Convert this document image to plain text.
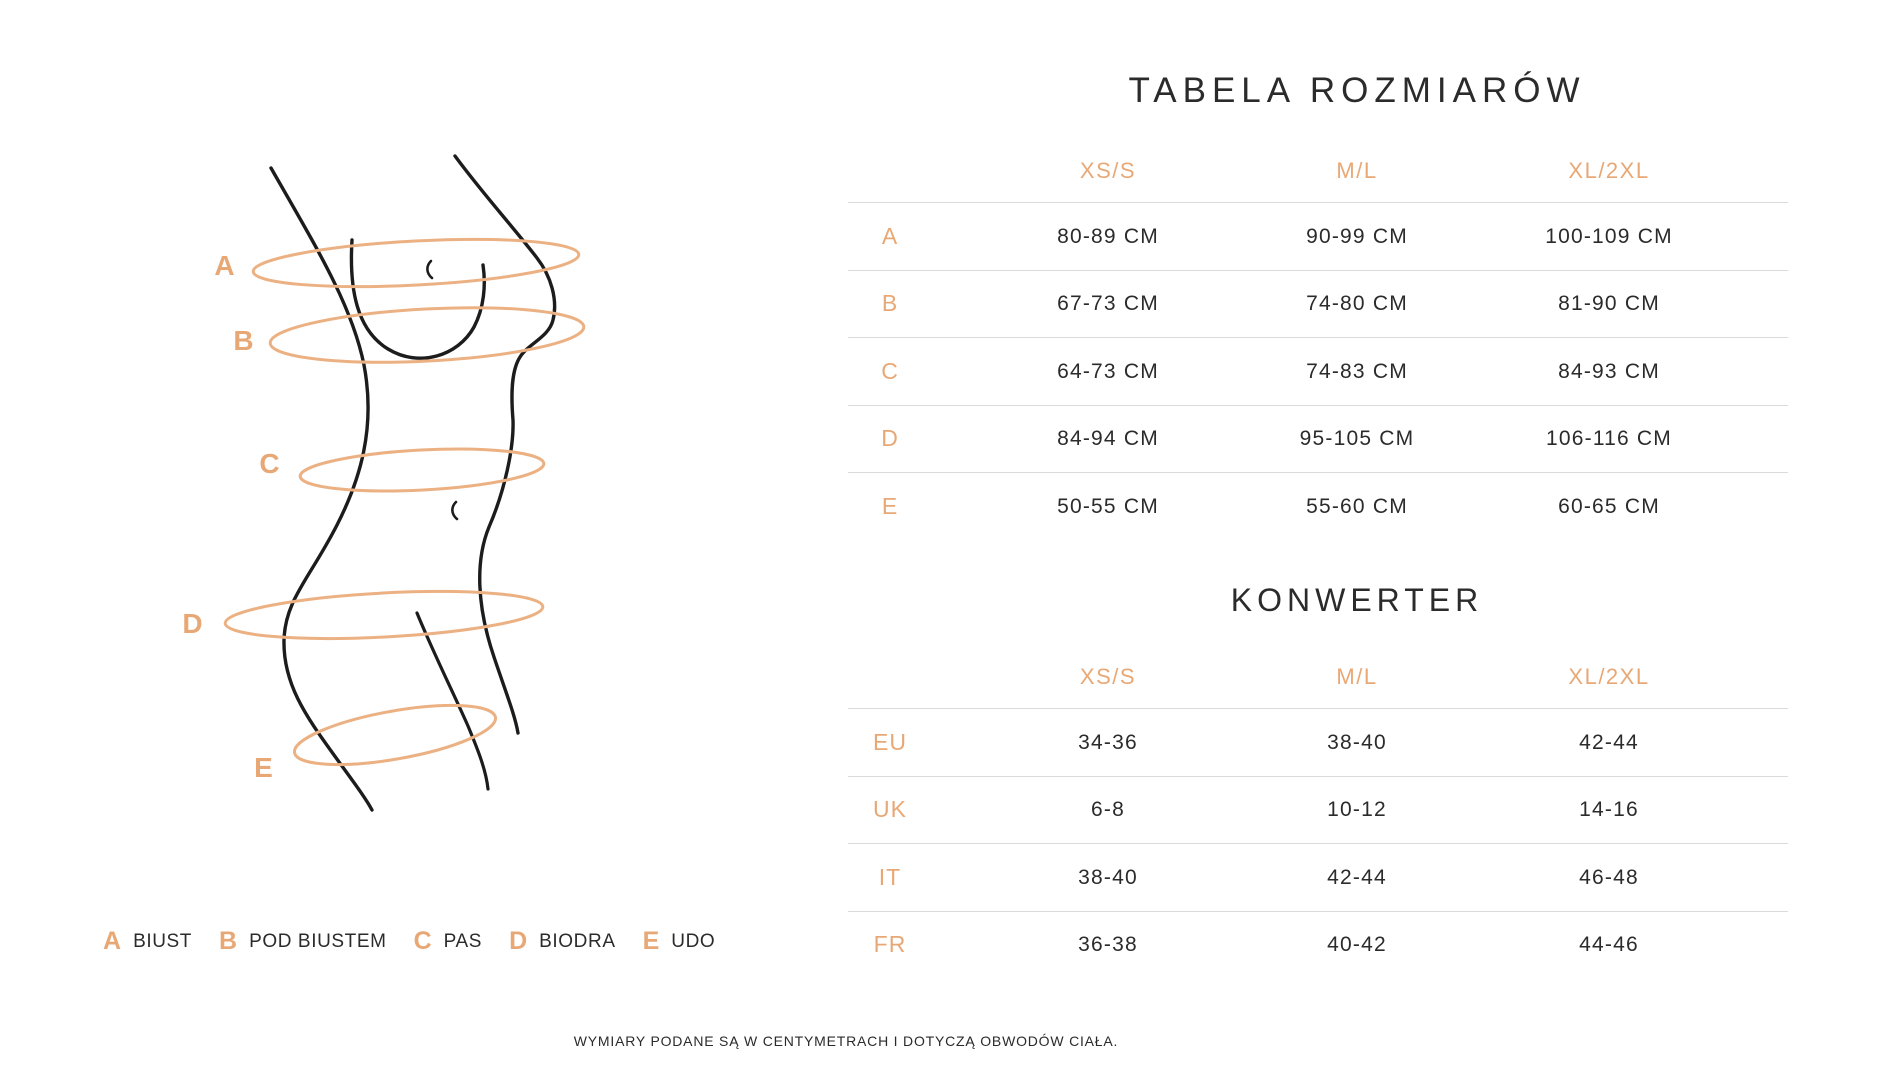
A
B
C
D
E
TABELA ROZMIARÓW
XS/S	M/L	XL/2XL
A	80-89 CM	90-99 CM	100-109 CM
B	67-73 CM	74-80 CM	81-90 CM
C	64-73 CM	74-83 CM	84-93 CM
D	84-94 CM	95-105 CM	106-116 CM
E	50-55 CM	55-60 CM	60-65 CM
KONWERTER
XS/S	M/L	XL/2XL
EU	34-36	38-40	42-44
UK	6-8	10-12	14-16
IT	38-40	42-44	46-48
FR	36-38	40-42	44-46
A BIUST B POD BIUSTEM C PAS D BIODRA E UDO
WYMIARY PODANE SĄ W CENTYMETRACH I DOTYCZĄ OBWODÓW CIAŁA.
